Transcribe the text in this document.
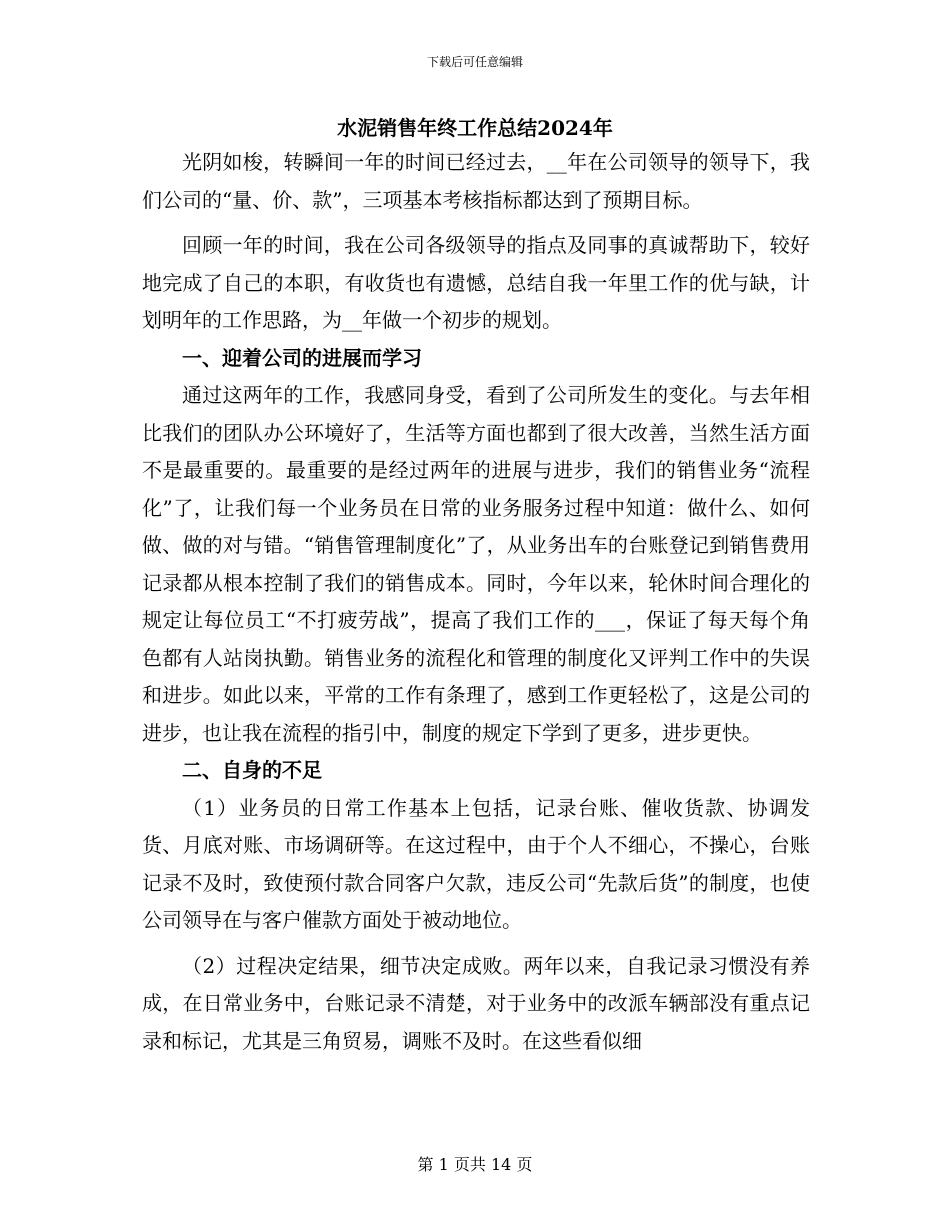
下载后可任意编辑
水泥销售年终工作总结2024年

光阴如梭，转瞬间一年的时间已经过去，__年在公司领导的领导下，我们公司的“量、价、款”，三项基本考核指标都达到了预期目标。

回顾一年的时间，我在公司各级领导的指点及同事的真诚帮助下，较好地完成了自己的本职，有收货也有遗憾，总结自我一年里工作的优与缺，计划明年的工作思路，为__年做一个初步的规划。

一、迎着公司的进展而学习

通过这两年的工作，我感同身受，看到了公司所发生的变化。与去年相比我们的团队办公环境好了，生活等方面也都到了很大改善，当然生活方面不是最重要的。最重要的是经过两年的进展与进步，我们的销售业务“流程化”了，让我们每一个业务员在日常的业务服务过程中知道：做什么、如何做、做的对与错。“销售管理制度化”了，从业务出车的台账登记到销售费用记录都从根本控制了我们的销售成本。同时，今年以来，轮休时间合理化的规定让每位员工“不打疲劳战”，提高了我们工作的___，保证了每天每个角色都有人站岗执勤。销售业务的流程化和管理的制度化又评判工作中的失误和进步。如此以来，平常的工作有条理了，感到工作更轻松了，这是公司的进步，也让我在流程的指引中，制度的规定下学到了更多，进步更快。

二、自身的不足

（1）业务员的日常工作基本上包括，记录台账、催收货款、协调发货、月底对账、市场调研等。在这过程中，由于个人不细心，不操心，台账记录不及时，致使预付款合同客户欠款，违反公司“先款后货”的制度，也使公司领导在与客户催款方面处于被动地位。

（2）过程决定结果，细节决定成败。两年以来，自我记录习惯没有养成，在日常业务中，台账记录不清楚，对于业务中的改派车辆部没有重点记录和标记，尤其是三角贸易，调账不及时。在这些看似细

第 1 页共 14 页
